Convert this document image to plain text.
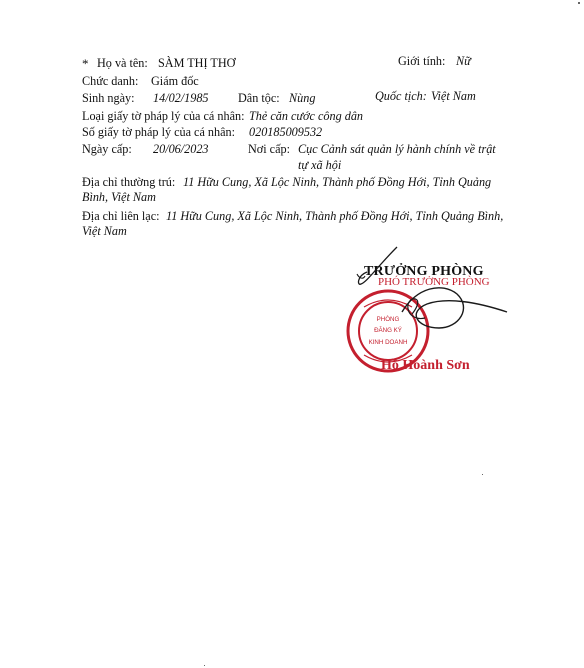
* Họ và tên: SÀM THỊ THƠ	Giới tính: Nữ
Chức danh: Giám đốc
Sinh ngày: 14/02/1985 Dân tộc: Nùng	Quốc tịch: Việt Nam
Loại giấy tờ pháp lý của cá nhân: Thẻ căn cước công dân
Số giấy tờ pháp lý của cá nhân: 020185009532
Ngày cấp: 20/06/2023	Nơi cấp: Cục Cảnh sát quản lý hành chính về trật
tự xã hội
Địa chỉ thường trú: 11 Hữu Cung, Xã Lộc Ninh, Thành phố Đồng Hới, Tỉnh Quảng
Bình, Việt Nam
Địa chỉ liên lạc: 11 Hữu Cung, Xã Lộc Ninh, Thành phố Đồng Hới, Tỉnh Quảng Bình,
Việt Nam
TRƯỞNG PHÒNG
PHÓ TRƯỞNG PHÒNG
Hồ Hoành Sơn
PHÒNG
ĐĂNG KÝ
KINH DOANH
